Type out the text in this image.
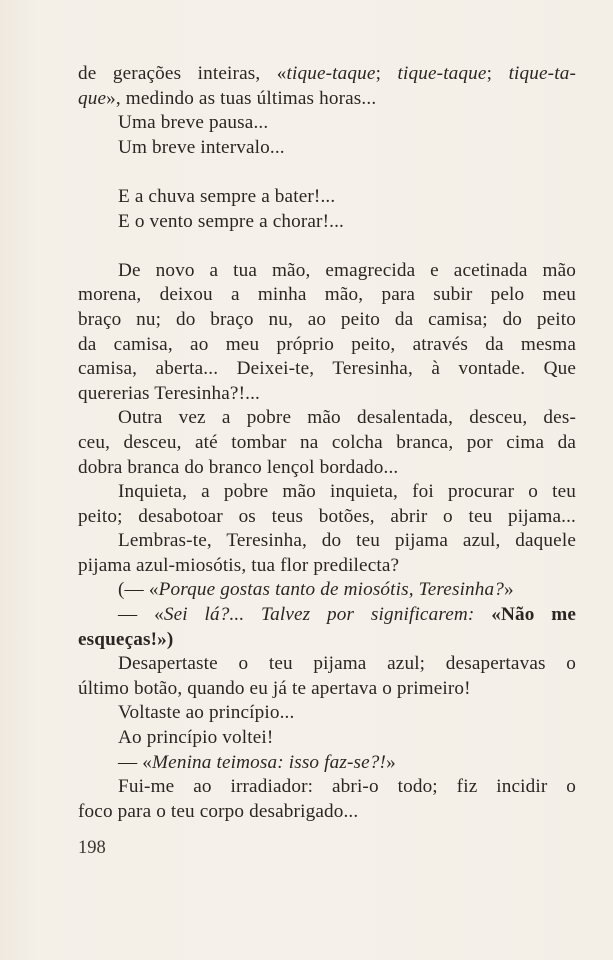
de gerações inteiras, «tique-taque; tique-taque; tique-ta-
que», medindo as tuas últimas horas...
Uma breve pausa...
Um breve intervalo...
E a chuva sempre a bater!...
E o vento sempre a chorar!...
De novo a tua mão, emagrecida e acetinada mão
morena, deixou a minha mão, para subir pelo meu
braço nu; do braço nu, ao peito da camisa; do peito
da camisa, ao meu próprio peito, através da mesma
camisa, aberta... Deixei-te, Teresinha, à vontade. Que
quererias Teresinha?!...
Outra vez a pobre mão desalentada, desceu, des-
ceu, desceu, até tombar na colcha branca, por cima da
dobra branca do branco lençol bordado...
Inquieta, a pobre mão inquieta, foi procurar o teu
peito; desabotoar os teus botões, abrir o teu pijama...
Lembras-te, Teresinha, do teu pijama azul, daquele
pijama azul-miosótis, tua flor predilecta?
(— «Porque gostas tanto de miosótis, Teresinha?»
— «Sei lá?... Talvez por significarem: «Não me
esqueças!»)
Desapertaste o teu pijama azul; desapertavas o
último botão, quando eu já te apertava o primeiro!
Voltaste ao princípio...
Ao princípio voltei!
— «Menina teimosa: isso faz-se?!»
Fui-me ao irradiador: abri-o todo; fiz incidir o
foco para o teu corpo desabrigado...
198
